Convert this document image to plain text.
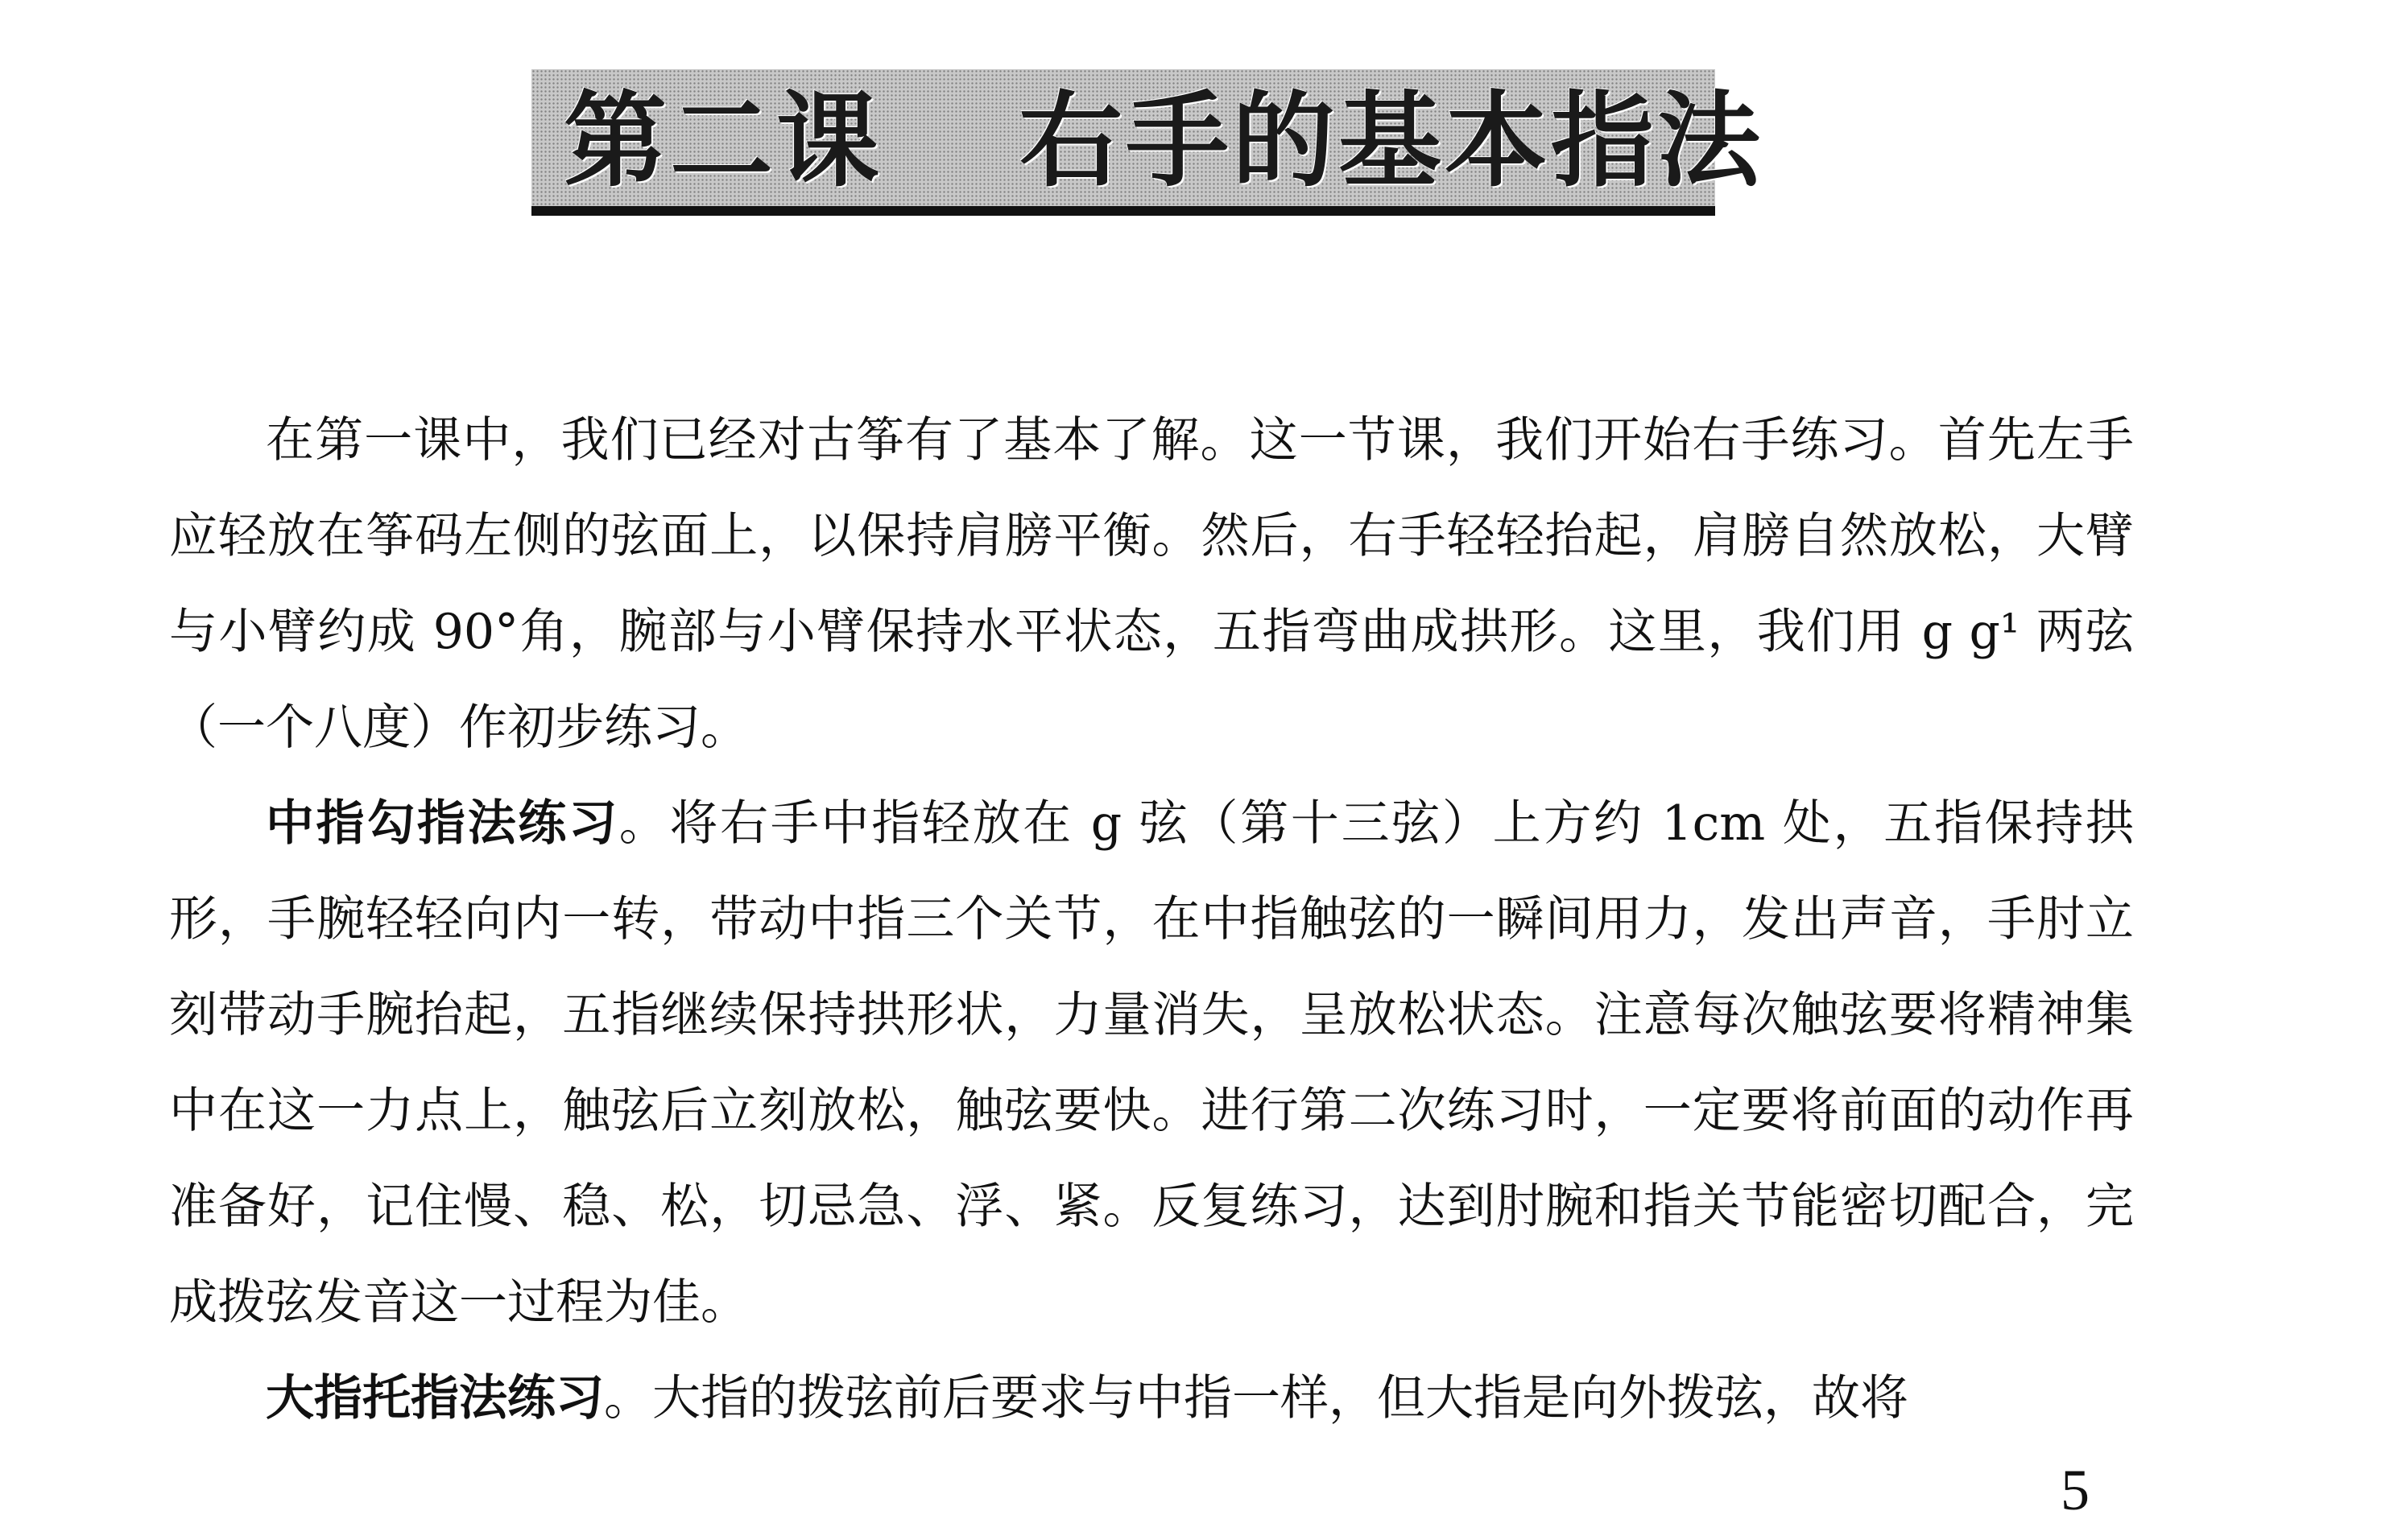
第二课 右手的基本指法

在第一课中，我们已经对古筝有了基本了解。这一节课，我们开始右手练习。首先左手应轻放在筝码左侧的弦面上，以保持肩膀平衡。然后，右手轻轻抬起，肩膀自然放松，大臂与小臂约成 90°角，腕部与小臂保持水平状态，五指弯曲成拱形。这里，我们用 g g¹ 两弦（一个八度）作初步练习。

中指勾指法练习。将右手中指轻放在 g 弦（第十三弦）上方约 1cm 处，五指保持拱形，手腕轻轻向内一转，带动中指三个关节，在中指触弦的一瞬间用力，发出声音，手肘立刻带动手腕抬起，五指继续保持拱形状，力量消失，呈放松状态。注意每次触弦要将精神集中在这一力点上，触弦后立刻放松，触弦要快。进行第二次练习时，一定要将前面的动作再准备好，记住慢、稳、松，切忌急、浮、紧。反复练习，达到肘腕和指关节能密切配合，完成拨弦发音这一过程为佳。

大指托指法练习。大指的拨弦前后要求与中指一样，但大指是向外拨弦，故将

5
